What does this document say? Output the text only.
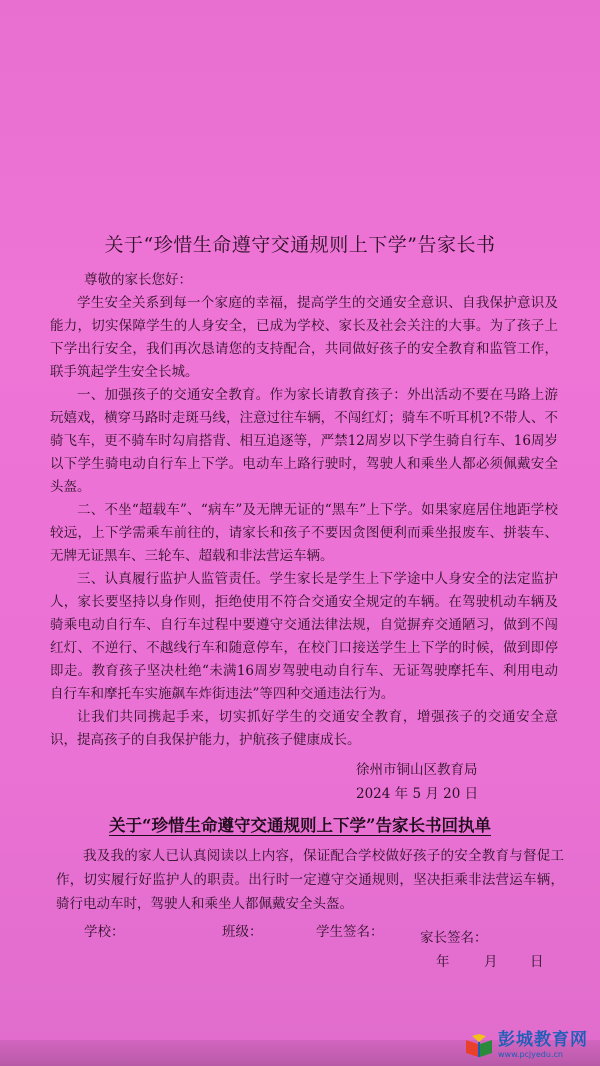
关于“珍惜生命遵守交通规则上下学”告家长书

尊敬的家长您好：

学生安全关系到每一个家庭的幸福，提高学生的交通安全意识、自我保护意识及能力，切实保障学生的人身安全，已成为学校、家长及社会关注的大事。为了孩子上下学出行安全，我们再次恳请您的支持配合，共同做好孩子的安全教育和监管工作，联手筑起学生安全长城。

一、加强孩子的交通安全教育。作为家长请教育孩子：外出活动不要在马路上游玩嬉戏，横穿马路时走斑马线，注意过往车辆，不闯红灯；骑车不听耳机?不带人、不骑飞车，更不骑车时勾肩搭背、相互追逐等，严禁12周岁以下学生骑自行车、16周岁以下学生骑电动自行车上下学。电动车上路行驶时，驾驶人和乘坐人都必须佩戴安全头盔。

二、不坐“超载车”、“病车”及无牌无证的“黑车”上下学。如果家庭居住地距学校较远，上下学需乘车前往的，请家长和孩子不要因贪图便利而乘坐报废车、拼装车、无牌无证黑车、三轮车、超载和非法营运车辆。

三、认真履行监护人监管责任。学生家长是学生上下学途中人身安全的法定监护人，家长要坚持以身作则，拒绝使用不符合交通安全规定的车辆。在驾驶机动车辆及骑乘电动自行车、自行车过程中要遵守交通法律法规，自觉摒弃交通陋习，做到不闯红灯、不逆行、不越线行车和随意停车，在校门口接送学生上下学的时候，做到即停即走。教育孩子坚决杜绝“未满16周岁驾驶电动自行车、无证驾驶摩托车、利用电动自行车和摩托车实施飙车炸街违法”等四种交通违法行为。

让我们共同携起手来，切实抓好学生的交通安全教育，增强孩子的交通安全意识，提高孩子的自我保护能力，护航孩子健康成长。

徐州市铜山区教育局

2024 年 5 月 20 日

关于“珍惜生命遵守交通规则上下学”告家长书回执单

我及我的家人已认真阅读以上内容，保证配合学校做好孩子的安全教育与督促工作，切实履行好监护人的职责。出行时一定遵守交通规则，坚决拒乘非法营运车辆，骑行电动车时，驾驶人和乘坐人都佩戴安全头盔。

学校：	班级：	学生签名：	家长签名：
年	月 日
彭城教育网
www.pcjyedu.cn
